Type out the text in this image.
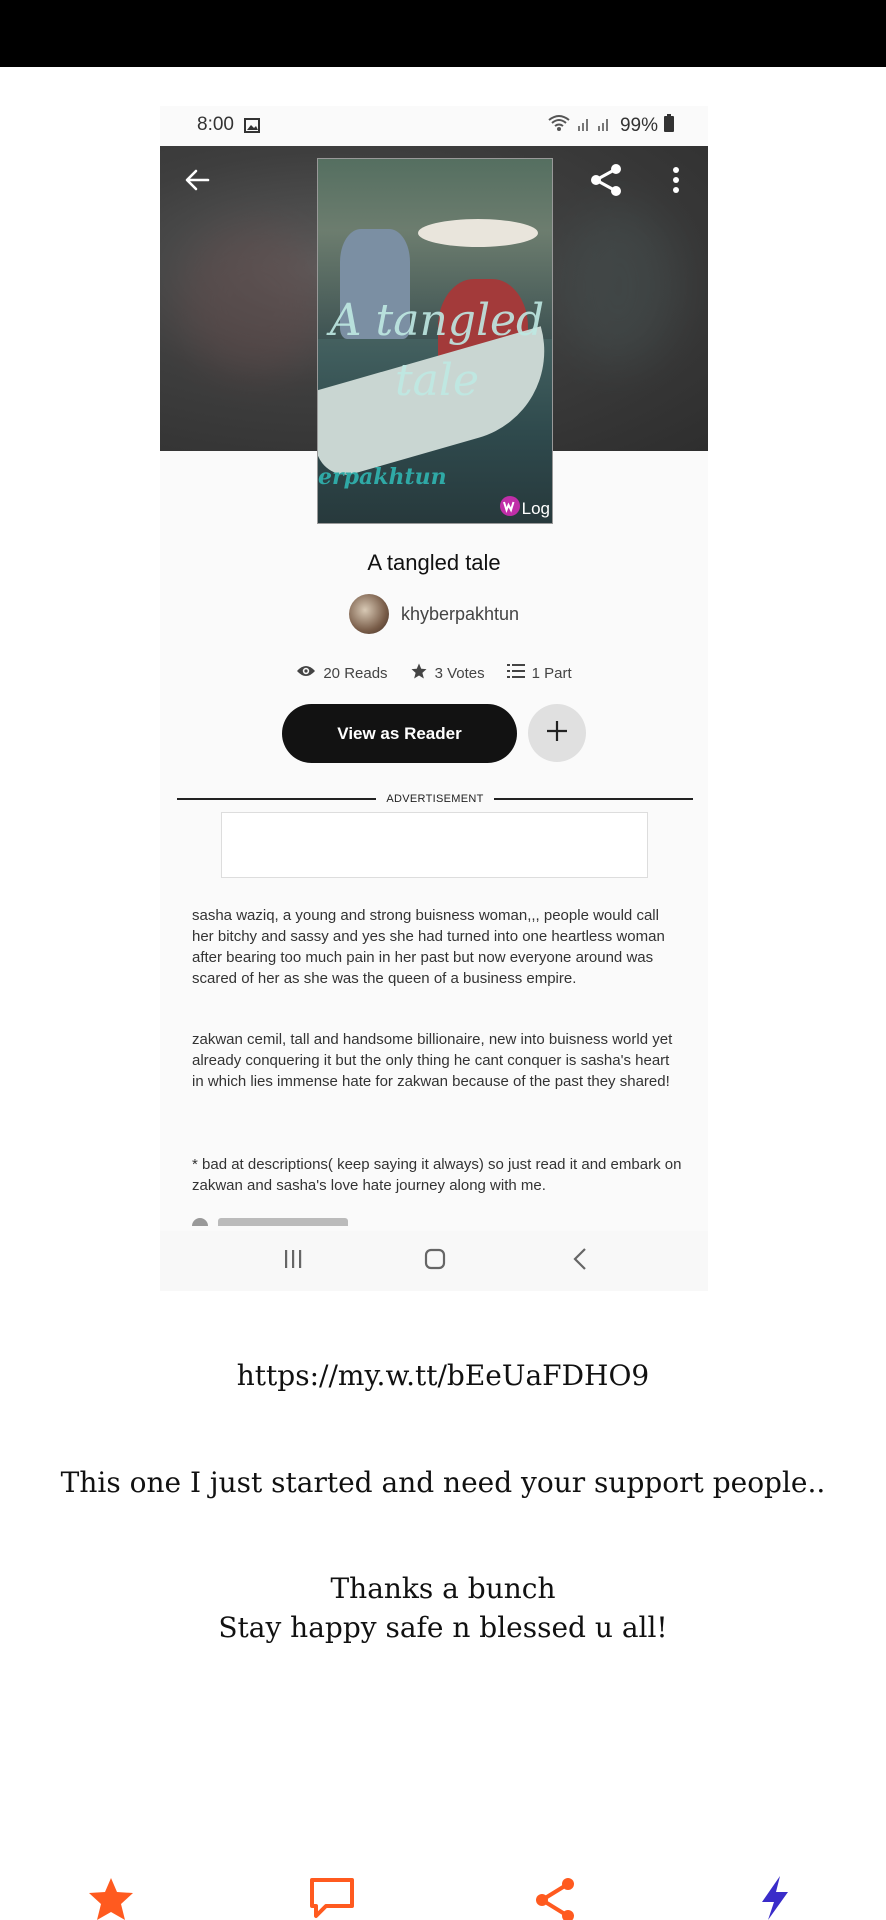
8:00	99%
A tangled tale
erpakhtun
Log
A tangled tale
khyberpakhtun
20 Reads	3 Votes	1 Part
View as Reader
ADVERTISEMENT

sasha waziq, a young and strong buisness woman,,, people would call her bitchy and sassy and yes she had turned into one heartless woman after bearing too much pain in her past but now everyone around was scared of her as she was the queen of a business empire.

zakwan cemil, tall and handsome billionaire, new into buisness world yet already conquering it but the only thing he cant conquer is sasha's heart in which lies immense hate for zakwan because of the past they shared!

* bad at descriptions( keep saying it always) so just read it and embark on zakwan and sasha's love hate journey along with me.

https://my.w.tt/bEeUaFDHO9
This one I just started and need your support people..
Thanks a bunch
Stay happy safe n blessed u all!
